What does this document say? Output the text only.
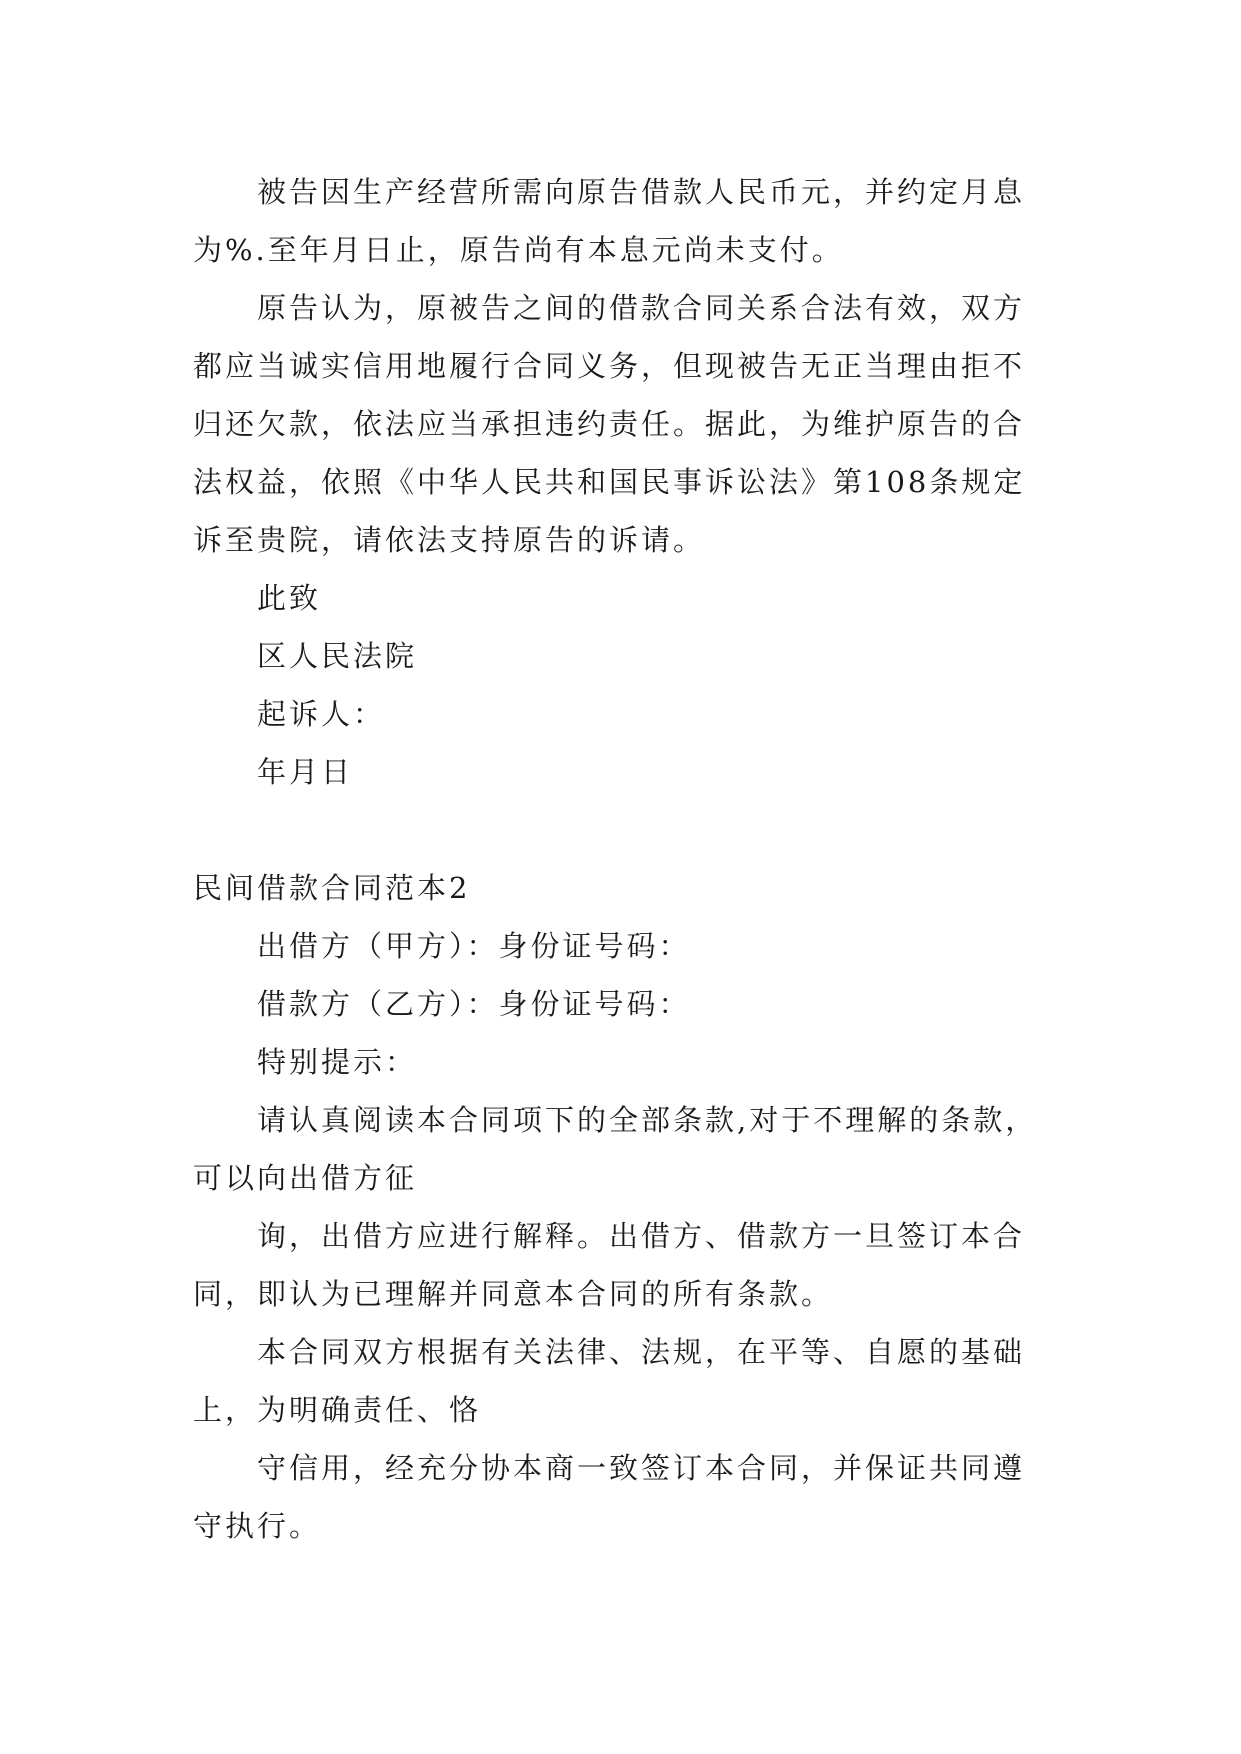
被告因生产经营所需向原告借款人民币元，并约定月息为%.至年月日止，原告尚有本息元尚未支付。

原告认为，原被告之间的借款合同关系合法有效，双方都应当诚实信用地履行合同义务，但现被告无正当理由拒不归还欠款，依法应当承担违约责任。据此，为维护原告的合法权益，依照《中华人民共和国民事诉讼法》第108条规定诉至贵院，请依法支持原告的诉请。

此致

区人民法院

起诉人：

年月日

民间借款合同范本2

出借方（甲方）：身份证号码：

借款方（乙方）：身份证号码：

特别提示：

请认真阅读本合同项下的全部条款,对于不理解的条款，可以向出借方征

询，出借方应进行解释。出借方、借款方一旦签订本合同，即认为已理解并同意本合同的所有条款。

本合同双方根据有关法律、法规，在平等、自愿的基础上，为明确责任、恪

守信用，经充分协本商一致签订本合同，并保证共同遵守执行。
